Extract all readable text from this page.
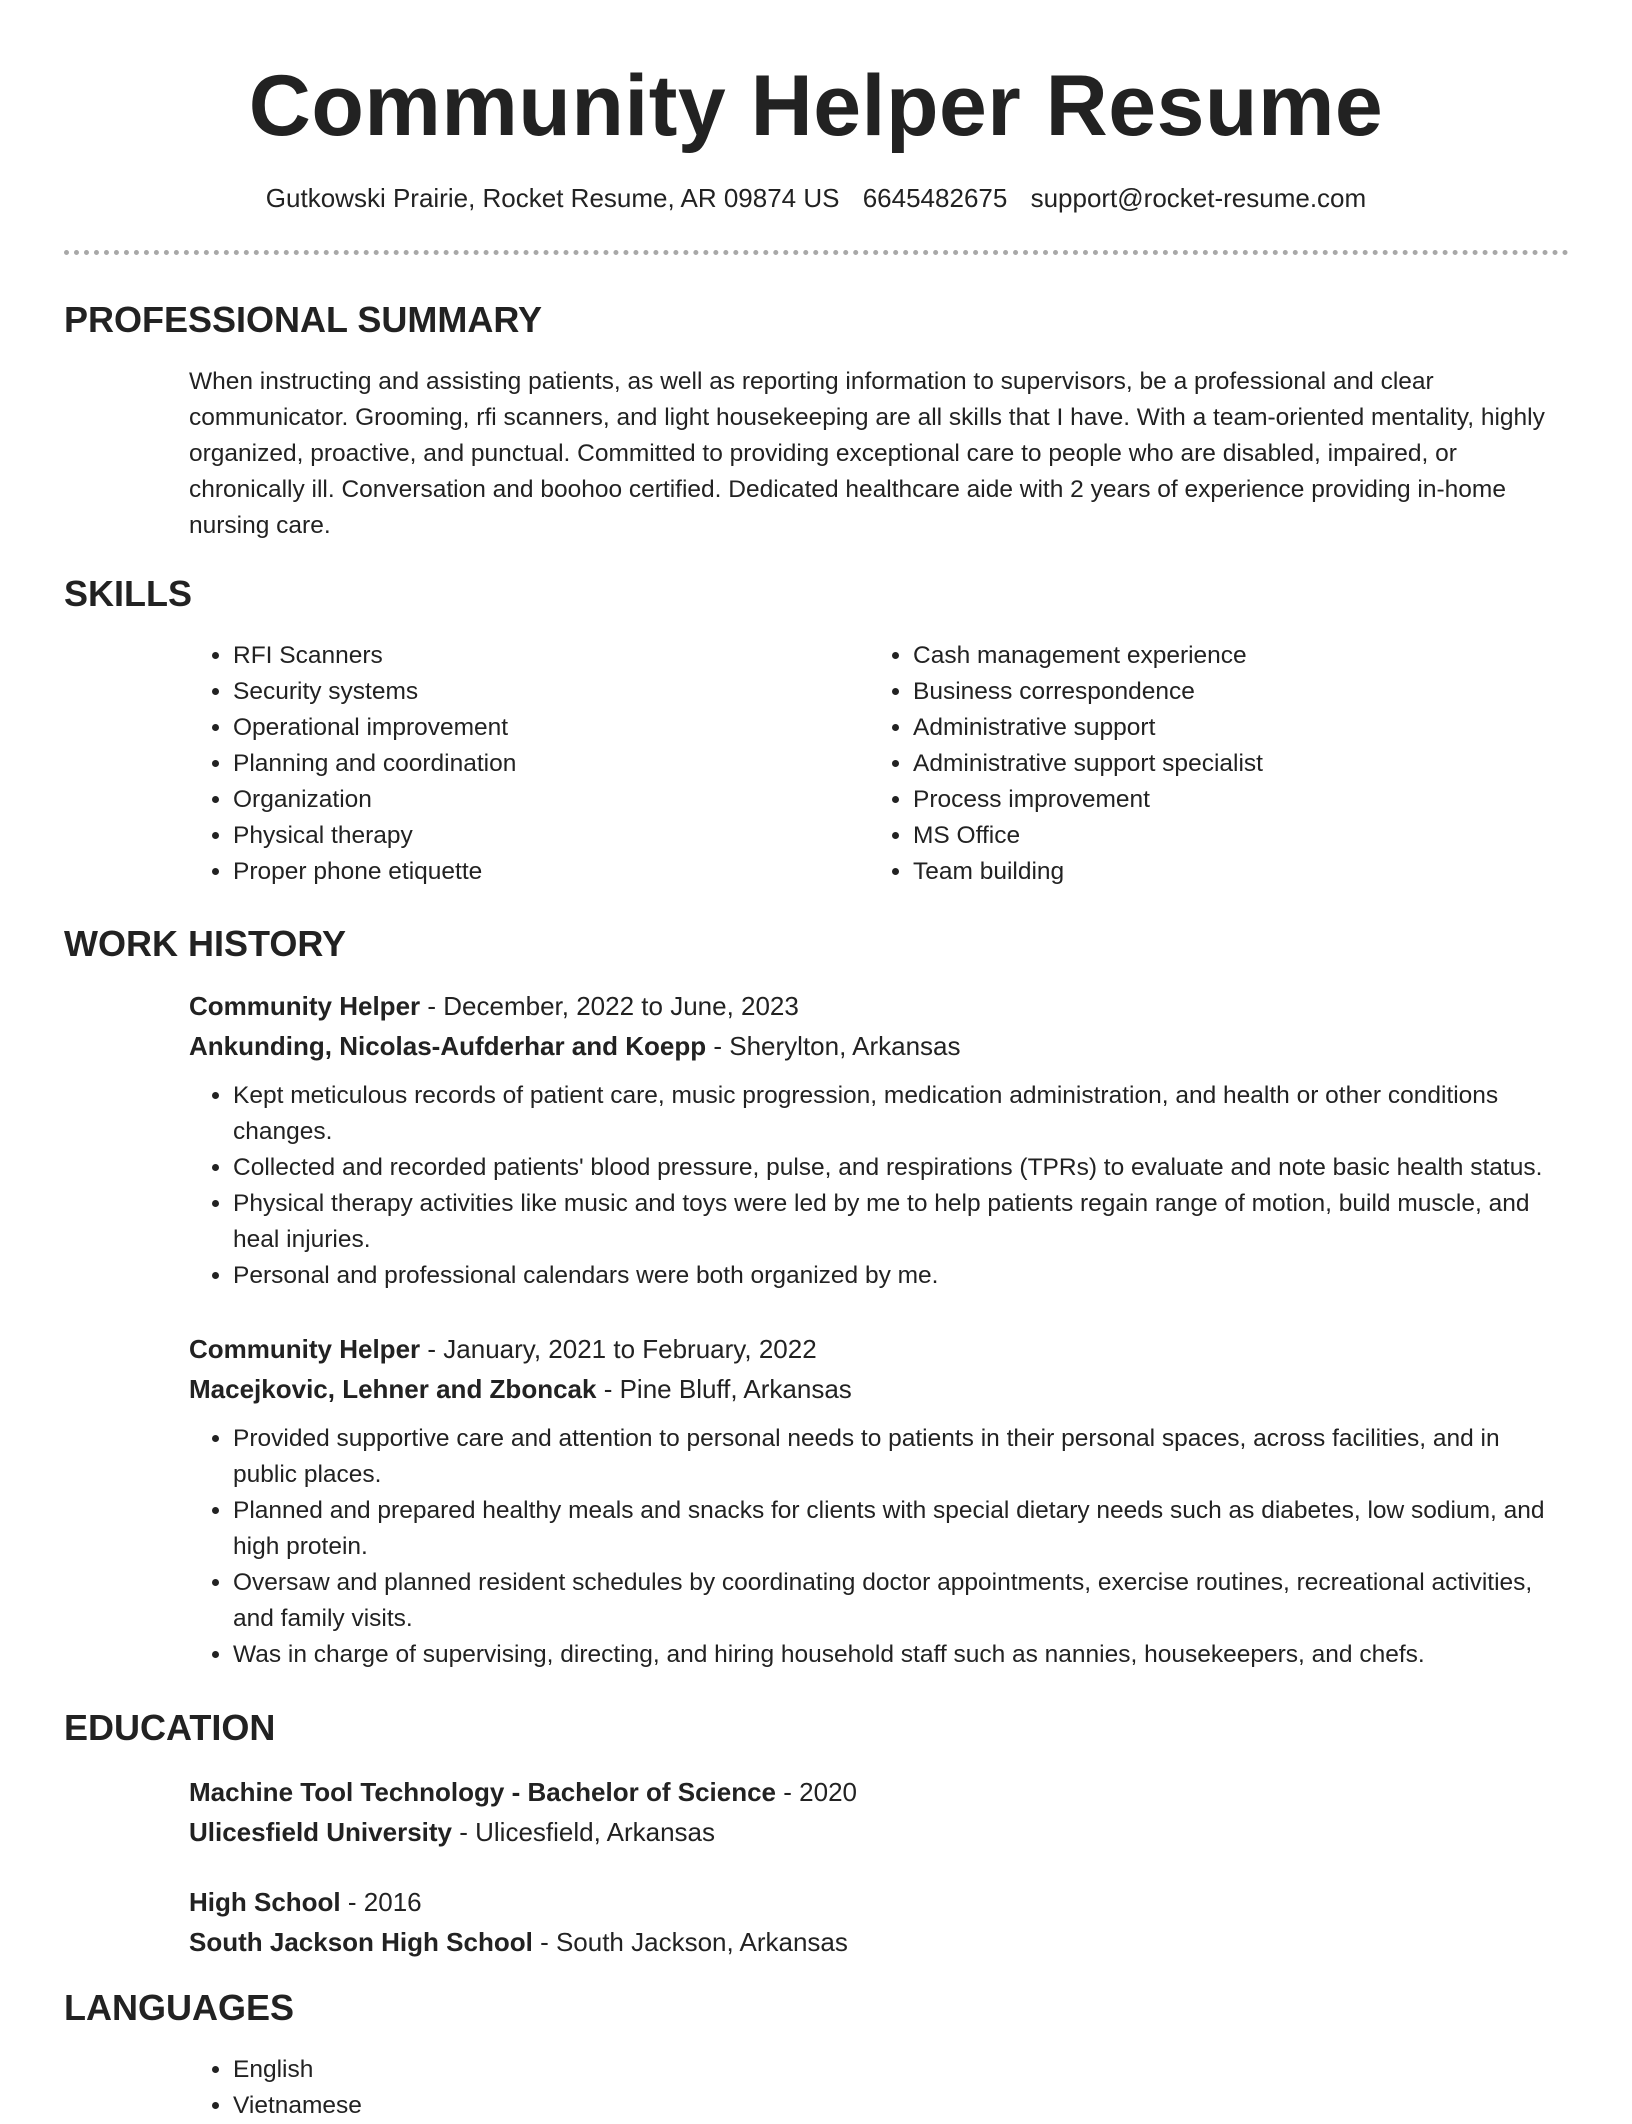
Community Helper Resume
Gutkowski Prairie, Rocket Resume, AR 09874 US 6645482675 support@rocket-resume.com
PROFESSIONAL SUMMARY

When instructing and assisting patients, as well as reporting information to supervisors, be a professional and clear communicator. Grooming, rfi scanners, and light housekeeping are all skills that I have. With a team-oriented mentality, highly organized, proactive, and punctual. Committed to providing exceptional care to people who are disabled, impaired, or chronically ill. Conversation and boohoo certified. Dedicated healthcare aide with 2 years of experience providing in-home nursing care.

SKILLS
• RFI Scanners
• Security systems
• Operational improvement
• Planning and coordination
• Organization
• Physical therapy
• Proper phone etiquette
• Cash management experience
• Business correspondence
• Administrative support
• Administrative support specialist
• Process improvement
• MS Office
• Team building
WORK HISTORY

Community Helper - December, 2022 to June, 2023

Ankunding, Nicolas-Aufderhar and Koepp - Sherylton, Arkansas

• Kept meticulous records of patient care, music progression, medication administration, and health or other conditions changes.
• Collected and recorded patients' blood pressure, pulse, and respirations (TPRs) to evaluate and note basic health status.
• Physical therapy activities like music and toys were led by me to help patients regain range of motion, build muscle, and heal injuries.
• Personal and professional calendars were both organized by me.

Community Helper - January, 2021 to February, 2022

Macejkovic, Lehner and Zboncak - Pine Bluff, Arkansas

• Provided supportive care and attention to personal needs to patients in their personal spaces, across facilities, and in public places.
• Planned and prepared healthy meals and snacks for clients with special dietary needs such as diabetes, low sodium, and high protein.
• Oversaw and planned resident schedules by coordinating doctor appointments, exercise routines, recreational activities, and family visits.
• Was in charge of supervising, directing, and hiring household staff such as nannies, housekeepers, and chefs.
EDUCATION

Machine Tool Technology - Bachelor of Science - 2020

Ulicesfield University - Ulicesfield, Arkansas

High School - 2016

South Jackson High School - South Jackson, Arkansas

LANGUAGES
• English
• Vietnamese
